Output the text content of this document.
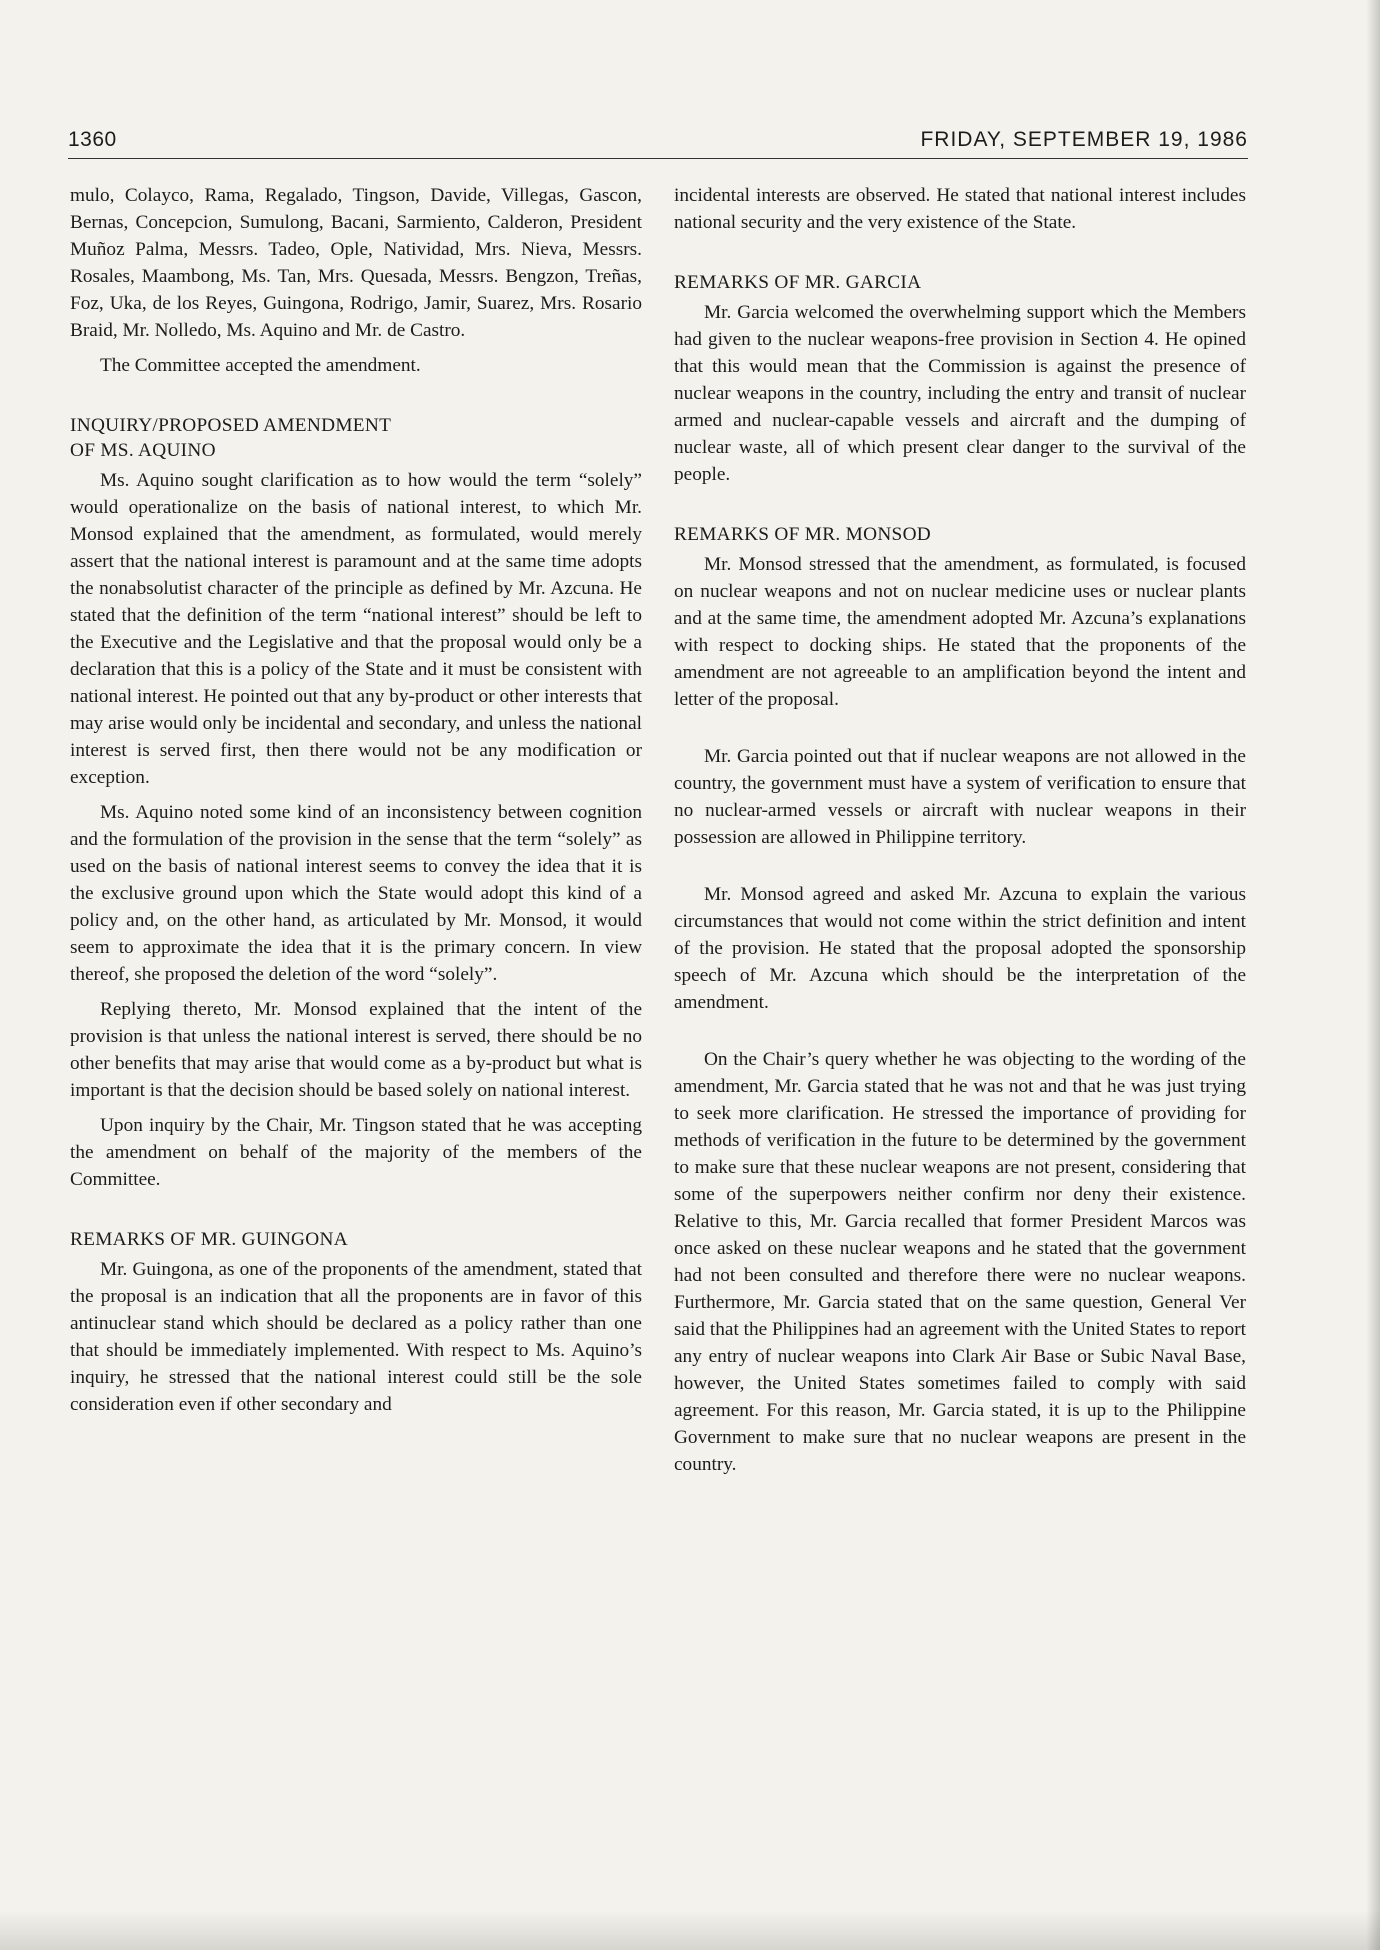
1360	FRIDAY, SEPTEMBER 19, 1986

mulo, Colayco, Rama, Regalado, Tingson, Davide, Villegas, Gascon, Bernas, Concepcion, Sumulong, Bacani, Sarmiento, Calderon, President Muñoz Palma, Messrs. Tadeo, Ople, Natividad, Mrs. Nieva, Messrs. Rosales, Maambong, Ms. Tan, Mrs. Quesada, Messrs. Bengzon, Treñas, Foz, Uka, de los Reyes, Guingona, Rodrigo, Jamir, Suarez, Mrs. Rosario Braid, Mr. Nolledo, Ms. Aquino and Mr. de Castro.

The Committee accepted the amendment.

INQUIRY/PROPOSED AMENDMENT
OF MS. AQUINO

Ms. Aquino sought clarification as to how would the term “solely” would operationalize on the basis of national interest, to which Mr. Monsod explained that the amendment, as formulated, would merely assert that the national interest is paramount and at the same time adopts the nonabsolutist character of the principle as defined by Mr. Azcuna. He stated that the definition of the term “national interest” should be left to the Executive and the Legislative and that the proposal would only be a declaration that this is a policy of the State and it must be consistent with national interest. He pointed out that any by-product or other interests that may arise would only be incidental and secondary, and unless the national interest is served first, then there would not be any modification or exception.

Ms. Aquino noted some kind of an inconsistency between cognition and the formulation of the provision in the sense that the term “solely” as used on the basis of national interest seems to convey the idea that it is the exclusive ground upon which the State would adopt this kind of a policy and, on the other hand, as articulated by Mr. Monsod, it would seem to approximate the idea that it is the primary concern. In view thereof, she proposed the deletion of the word “solely”.

Replying thereto, Mr. Monsod explained that the intent of the provision is that unless the national interest is served, there should be no other benefits that may arise that would come as a by-product but what is important is that the decision should be based solely on national interest.

Upon inquiry by the Chair, Mr. Tingson stated that he was accepting the amendment on behalf of the majority of the members of the Committee.

REMARKS OF MR. GUINGONA

Mr. Guingona, as one of the proponents of the amendment, stated that the proposal is an indication that all the proponents are in favor of this antinuclear stand which should be declared as a policy rather than one that should be immediately implemented. With respect to Ms. Aquino’s inquiry, he stressed that the national interest could still be the sole consideration even if other secondary and

incidental interests are observed. He stated that national interest includes national security and the very existence of the State.

REMARKS OF MR. GARCIA

Mr. Garcia welcomed the overwhelming support which the Members had given to the nuclear weapons-free provision in Section 4. He opined that this would mean that the Commission is against the presence of nuclear weapons in the country, including the entry and transit of nuclear armed and nuclear-capable vessels and aircraft and the dumping of nuclear waste, all of which present clear danger to the survival of the people.

REMARKS OF MR. MONSOD

Mr. Monsod stressed that the amendment, as formulated, is focused on nuclear weapons and not on nuclear medicine uses or nuclear plants and at the same time, the amendment adopted Mr. Azcuna’s explanations with respect to docking ships. He stated that the proponents of the amendment are not agreeable to an amplification beyond the intent and letter of the proposal.

Mr. Garcia pointed out that if nuclear weapons are not allowed in the country, the government must have a system of verification to ensure that no nuclear-armed vessels or aircraft with nuclear weapons in their possession are allowed in Philippine territory.

Mr. Monsod agreed and asked Mr. Azcuna to explain the various circumstances that would not come within the strict definition and intent of the provision. He stated that the proposal adopted the sponsorship speech of Mr. Azcuna which should be the interpretation of the amendment.

On the Chair’s query whether he was objecting to the wording of the amendment, Mr. Garcia stated that he was not and that he was just trying to seek more clarification. He stressed the importance of providing for methods of verification in the future to be determined by the government to make sure that these nuclear weapons are not present, considering that some of the superpowers neither confirm nor deny their existence. Relative to this, Mr. Garcia recalled that former President Marcos was once asked on these nuclear weapons and he stated that the government had not been consulted and therefore there were no nuclear weapons. Furthermore, Mr. Garcia stated that on the same question, General Ver said that the Philippines had an agreement with the United States to report any entry of nuclear weapons into Clark Air Base or Subic Naval Base, however, the United States sometimes failed to comply with said agreement. For this reason, Mr. Garcia stated, it is up to the Philippine Government to make sure that no nuclear weapons are present in the country.
